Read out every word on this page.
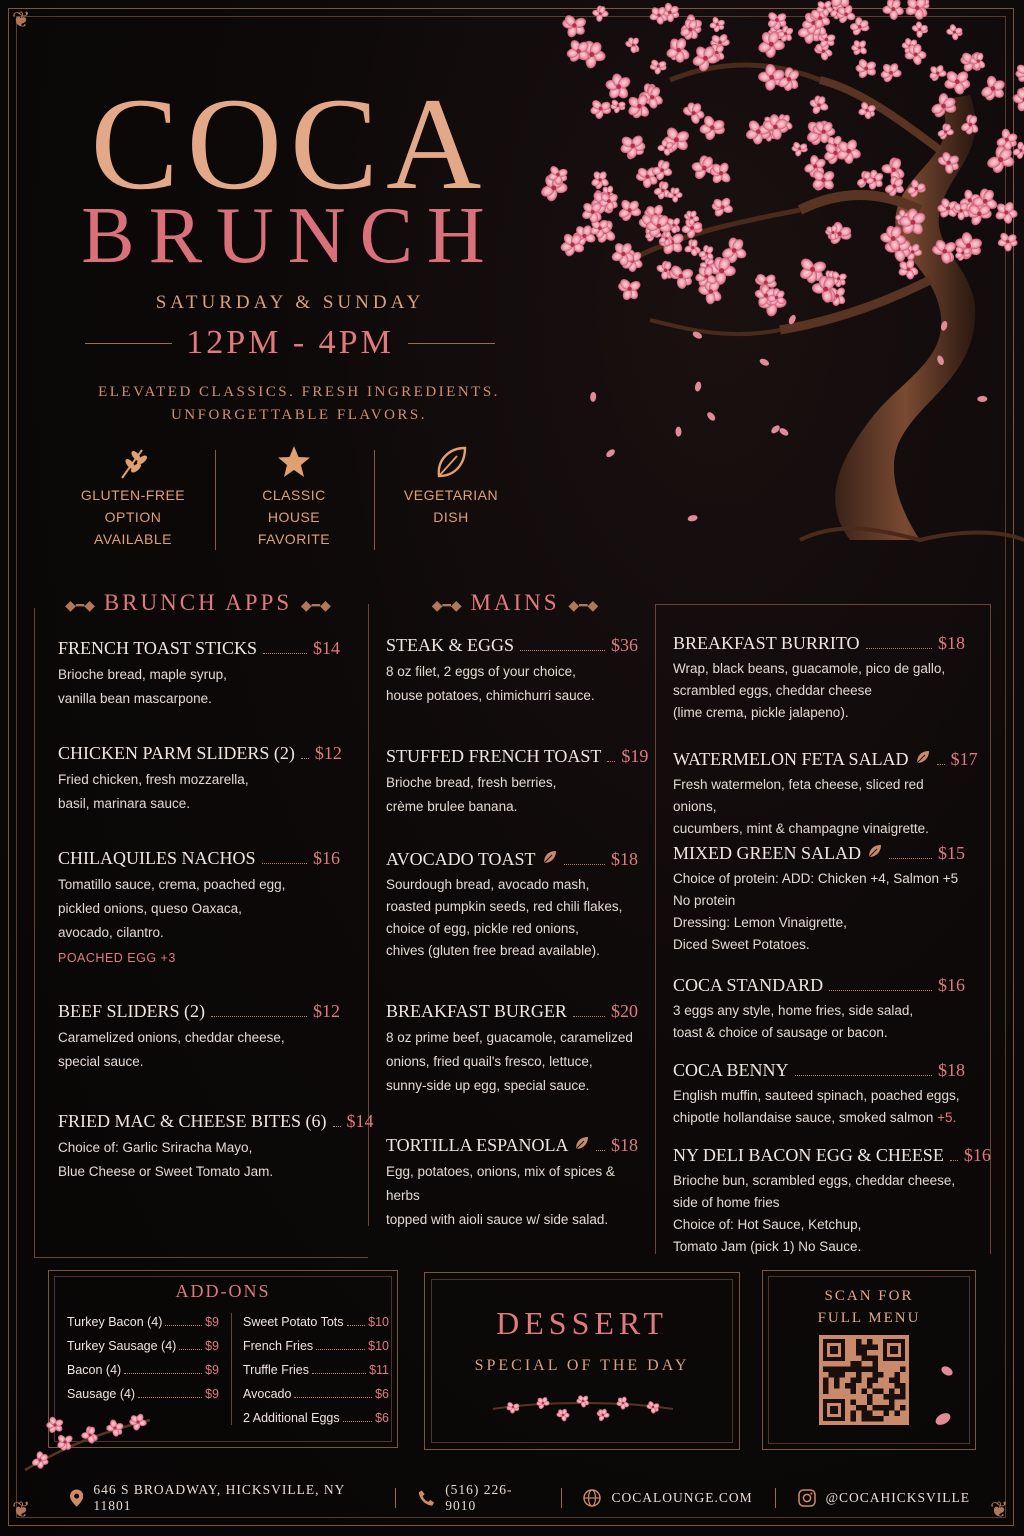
❦
❦	❦
COCA
BRUNCH
SATURDAY & SUNDAY
12PM - 4PM
ELEVATED CLASSICS. FRESH INGREDIENTS.
UNFORGETTABLE FLAVORS.
GLUTEN-FREE
OPTION
AVAILABLE
CLASSIC
HOUSE
FAVORITE
VEGETARIAN
DISH
◆━◆ BRUNCH APPS ◆━◆	◆━◆ MAINS ◆━◆
FRENCH TOAST STICKS	$14
Brioche bread, maple syrup,
vanilla bean mascarpone.
CHICKEN PARM SLIDERS (2) $12
Fried chicken, fresh mozzarella,
basil, marinara sauce.
CHILAQUILES NACHOS	$16
Tomatillo sauce, crema, poached egg,
pickled onions, queso Oaxaca,
avocado, cilantro.
POACHED EGG +3
BEEF SLIDERS (2)	$12
Caramelized onions, cheddar cheese,
special sauce.
FRIED MAC & CHEESE BITES (6) $14
Choice of: Garlic Sriracha Mayo,
Blue Cheese or Sweet Tomato Jam.
STEAK & EGGS	$36
8 oz filet, 2 eggs of your choice,
house potatoes, chimichurri sauce.
STUFFED FRENCH TOAST $19
Brioche bread, fresh berries,
crème brulee banana.
AVOCADO TOAST	$18
Sourdough bread, avocado mash,
roasted pumpkin seeds, red chili flakes,
choice of egg, pickle red onions,
chives (gluten free bread available).
BREAKFAST BURGER $20
8 oz prime beef, guacamole, caramelized
onions, fried quail's fresco, lettuce,
sunny-side up egg, special sauce.
TORTILLA ESPANOLA $18
Egg, potatoes, onions, mix of spices & herbs
topped with aioli sauce w/ side salad.
BREAKFAST BURRITO	$18
Wrap, black beans, guacamole, pico de gallo,
scrambled eggs, cheddar cheese
(lime crema, pickle jalapeno).
WATERMELON FETA SALAD $17
Fresh watermelon, feta cheese, sliced red onions,
cucumbers, mint & champagne vinaigrette.
MIXED GREEN SALAD	$15
Choice of protein: ADD: Chicken +4, Salmon +5
No protein
Dressing: Lemon Vinaigrette,
Diced Sweet Potatoes.
COCA STANDARD	$16
3 eggs any style, home fries, side salad,
toast & choice of sausage or bacon.
COCA BENNY	$18
English muffin, sauteed spinach, poached eggs,
chipotle hollandaise sauce, smoked salmon +5.
NY DELI BACON EGG & CHEESE $16
Brioche bun, scrambled eggs, cheddar cheese,
side of home fries
Choice of: Hot Sauce, Ketchup,
Tomato Jam (pick 1) No Sauce.
ADD-ONS
Turkey Bacon (4)	$9
Turkey Sausage (4) $9
Bacon (4)	$9
Sausage (4)	$9
Sweet Potato Tots $10
French Fries	$10
Truffle Fries	$11
Avocado	$6
2 Additional Eggs	$6
DESSERT
SPECIAL OF THE DAY
SCAN FOR
FULL MENU
646 S BROADWAY, HICKSVILLE, NY 11801
(516) 226-9010
COCALOUNGE.COM	@COCAHICKSVILLE
